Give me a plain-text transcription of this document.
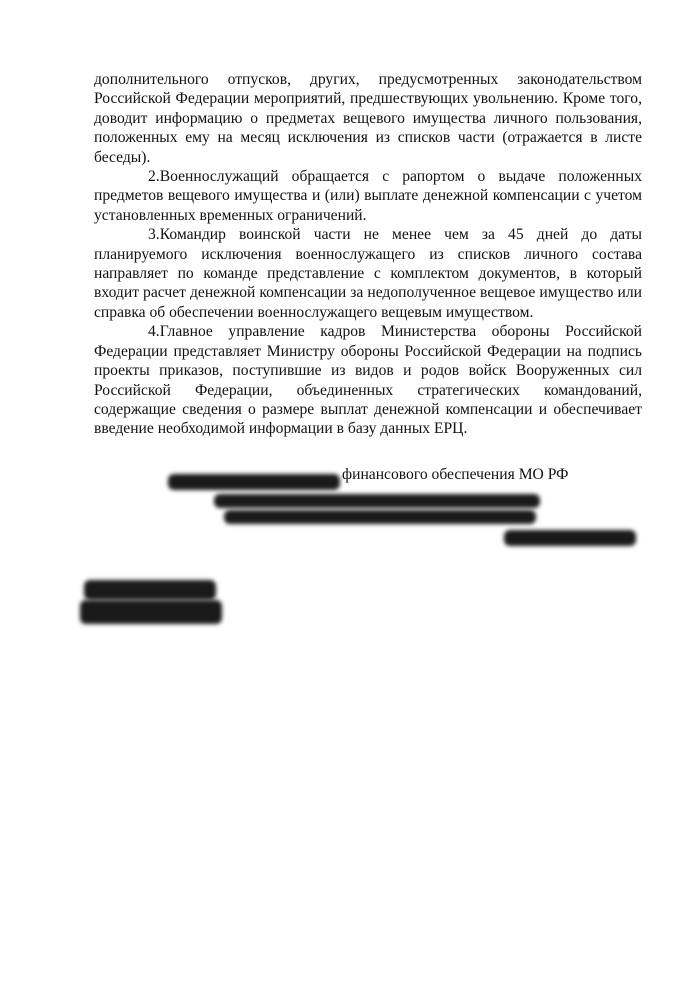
дополнительного отпусков, других, предусмотренных законодательством Российской Федерации мероприятий, предшествующих увольнению. Кроме того, доводит информацию о предметах вещевого имущества личного пользования, положенных ему на месяц исключения из списков части (отражается в листе беседы).

2.Военнослужащий обращается с рапортом о выдаче положенных предметов вещевого имущества и (или) выплате денежной компенсации с учетом установленных временных ограничений.

3.Командир воинской части не менее чем за 45 дней до даты планируемого исключения военнослужащего из списков личного состава направляет по команде представление с комплектом документов, в который входит расчет денежной компенсации за недополученное вещевое имущество или справка об обеспечении военнослужащего вещевым имуществом.

4.Главное управление кадров Министерства обороны Российской Федерации представляет Министру обороны Российской Федерации на подпись проекты приказов, поступившие из видов и родов войск Вооруженных сил Российской Федерации, объединенных стратегических командований, содержащие сведения о размере выплат денежной компенсации и обеспечивает введение необходимой информации в базу данных ЕРЦ.

финансового обеспечения МО РФ
